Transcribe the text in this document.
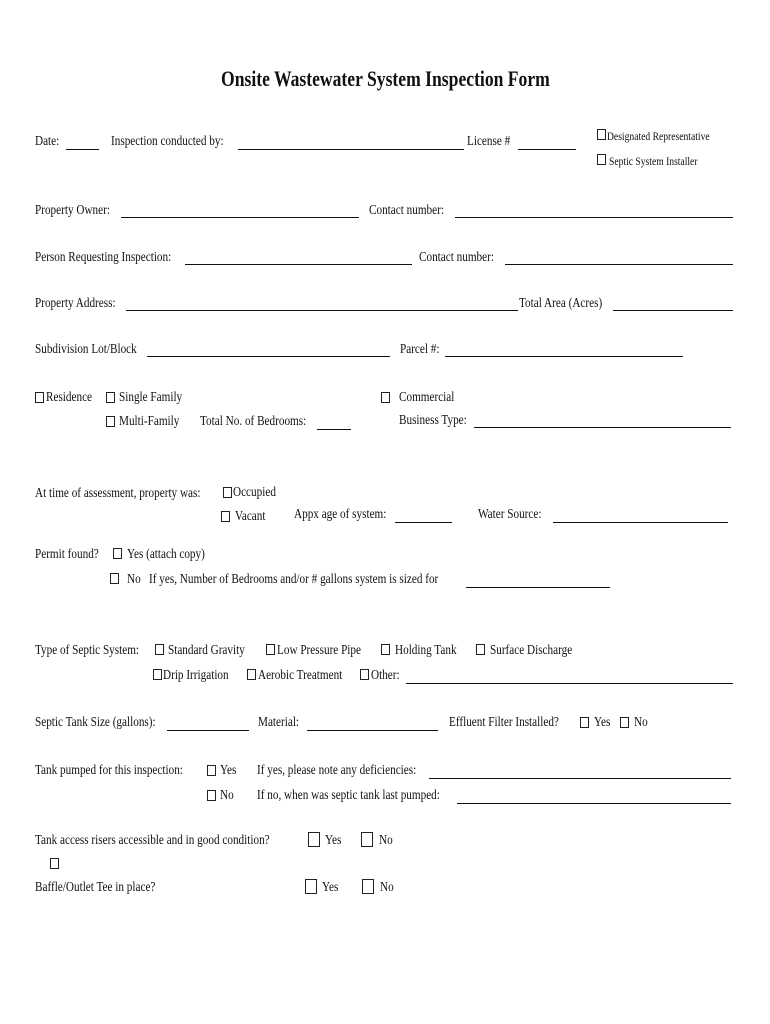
Onsite Wastewater System Inspection Form
Date:	Inspection conducted by:	License #	Designated Representative
Septic System Installer
Property Owner:	Contact number:
Person Requesting Inspection:	Contact number:
Property Address:	Total Area (Acres)
Subdivision Lot/Block	Parcel #:
Residence Single Family
Multi-Family Total No. of Bedrooms:
Commercial
Business Type:
At time of assessment, property was: Occupied
Vacant Appx age of system:	Water Source:
Permit found? Yes (attach copy)
No If yes, Number of Bedrooms and/or # gallons system is sized for
Type of Septic System: Standard Gravity Low Pressure Pipe Holding Tank Surface Discharge
Drip Irrigation Aerobic Treatment Other:
Septic Tank Size (gallons):	Material:	Effluent Filter Installed?	Yes No
Tank pumped for this inspection:	Yes
No
If yes, please note any deficiencies:
If no, when was septic tank last pumped:
Tank access risers accessible and in good condition?	Yes	No
Baffle/Outlet Tee in place?	Yes	No
